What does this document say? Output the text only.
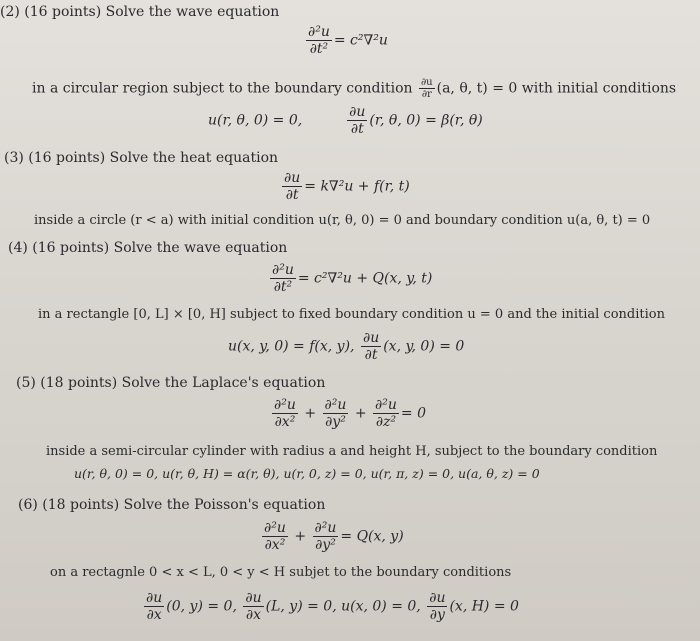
(2) (16 points) Solve the wave equation
$\frac{\text{∂²u}}{\text{∂t²}} = c^2\nabla^2u$
in a circular region subject to the boundary condition $\frac{\partial u}{\partial r} (a$, θ, t) = 0 with initial conditions
u(r, θ, 0) = 0,	$\frac{\partial u}{\partial t} (r$, θ, 0) = β(r, θ)
(3) (16 points) Solve the heat equation
$\frac{\partial u}{\partial t} = k\nabla^2u + f(r$, t)
inside a circle (r < a) with initial condition u(r, θ, 0) = 0 and boundary condition u(a, θ, t) = 0
(4) (16 points) Solve the wave equation
$\frac{\text{∂²u}}{\text{∂t²}} = c^2\nabla^2u + Q(x$, y, t)
in a rectangle [0, L] × [0, H] subject to fixed boundary condition u = 0 and the initial condition
u(x, y, 0) = f(x, y), $\frac{\partial u}{\partial t} (x$, y, 0) = 0
(5) (18 points) Solve the Laplace's equation
$\frac{\text{∂²u}}{\text{∂x²}} + \frac{\text{∂²u}}{\text{∂y²}} + \frac{\text{∂²u}}{\text{∂z²}} = 0$
inside a semi-circular cylinder with radius a and height H, subject to the boundary condition
u(r, θ, 0) = 0, u(r, θ, H) = α(r, θ), u(r, 0, z) = 0, u(r, π, z) = 0, u(a, θ, z) = 0
(6) (18 points) Solve the Poisson's equation
$\frac{\text{∂²u}}{\text{∂x²}} + \frac{\text{∂²u}}{\text{∂y²}} = Q(x$, y)
on a rectagnle 0 < x < L, 0 < y < H subjet to the boundary conditions
$\frac{\partial u}{\partial x} (0$, y) = 0, $\frac{\partial u}{\partial x} (L$, y) = 0, u(x, 0) = 0, $\frac{\partial u}{\partial y} (x$, H) = 0
